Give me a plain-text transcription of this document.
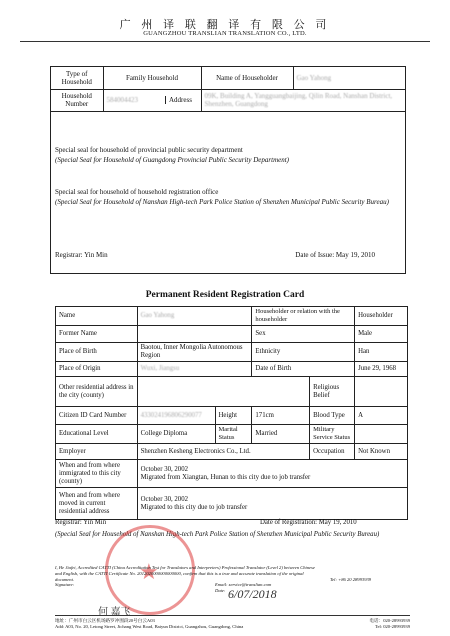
广 州 译 联 翻 译 有 限 公 司
GUANGZHOU TRANSLIAN TRANSLATION CO., LTD.
Type of Household	Family Household	Name of Householder	Gao Yahong
Household Number		584004423	Address
	09K, Building A, Yangguangbaijing, Qilin Road, Nanshan District, Shenzhen, Guangdong
Special seal for household of provincial public security department
(Special Seal for Household of Guangdong Provincial Public Security Department)
Special seal for household of household registration office
(Special Seal for Household of Nanshan High-tech Park Police Station of Shenzhen Municipal Public Security Bureau)
Registrar: Yin Min	Date of Issue: May 19, 2010
Permanent Resident Registration Card
Name	Gao Yahong		Householder or relation with the householder		Householder
Former Name			Sex		Male
Place of Birth	Baotou, Inner Mongolia Autonomous Region		Ethnicity		Han
Place of Origin	Wuxi, Jiangsu		Date of Birth		June 29, 1968
Other residential address in the city (county)				Religious Belief	
Citizen ID Card Number	433024196806290077	Height	171cm	Blood Type	A
Educational Level	College Diploma	Marital Status	Married	Military Service Status	
Employer	Shenzhen Kesheng Electronics Co., Ltd.			Occupation	Not Known
When and from where immigrated to this city (county)	October 30, 2002
Migrated from Xiangtan, Hunan to this city due to job transfer				

When and from where moved in current residential address	October 30, 2002
Migrated to this city due to job transfer				
Registrar: Yin Min	Date of Registration: May 19, 2010
(Special Seal for Household of Nanshan High-tech Park Police Station of Shenzhen Municipal Public Security Bureau)
★
I, He Jiafei, Accredited CATTI (China Accreditation Test for Translators and Interpreters) Professional Translator (Level 2) between Chinese
and English, with the CATTI Certificate No. 2012020000000000000, confirm that this is a true and accurate translation of the original
document.	Tel: +86 20 28993939
Signature:	Email: service@translian.com
Date: 6/07/2018
何 嘉飞
地址：广州市白云区机场路罗冲围段20号白云A03	电话：020-28993939
Add: A03, No. 20, Letong Street, Jichang West Road, Baiyun District, Guangzhou, Guangdong, China	Tel: 020-28993939
